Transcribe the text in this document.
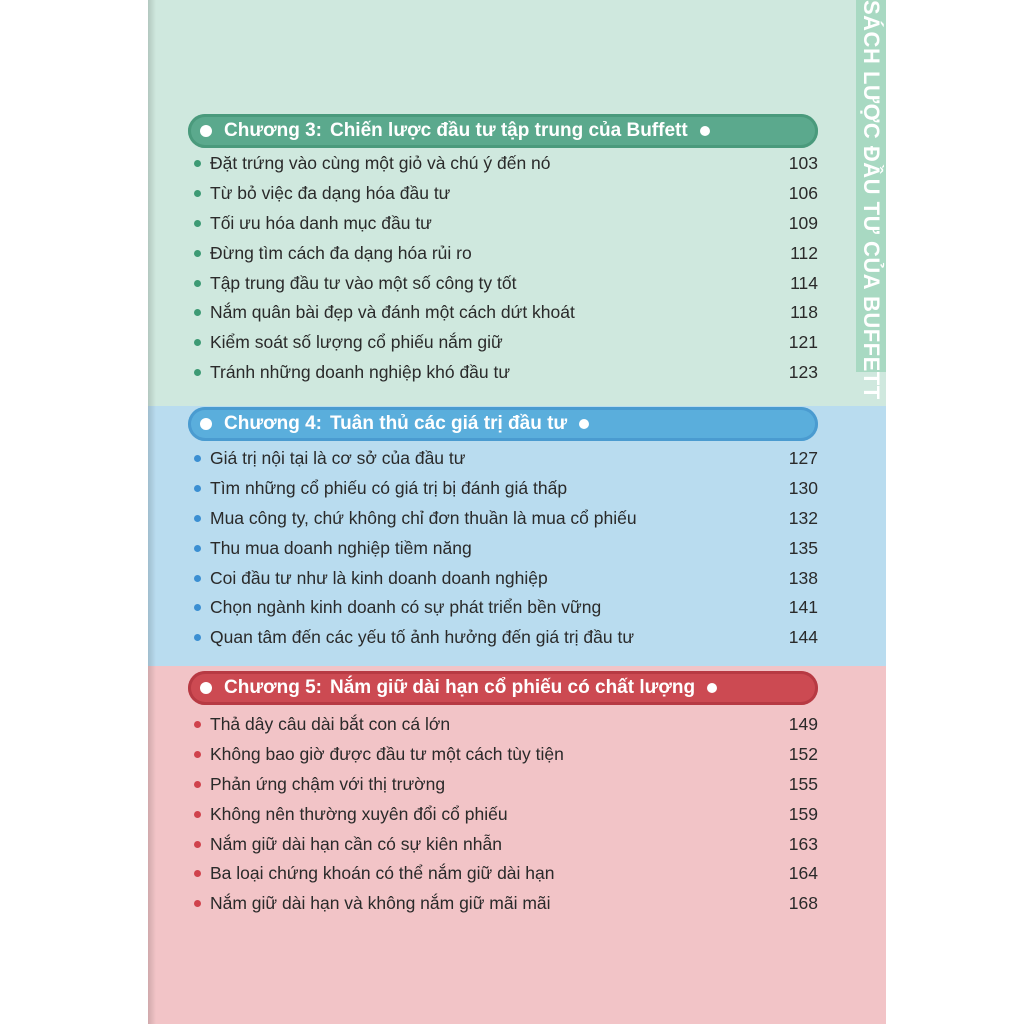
SÁCH LƯỢC ĐẦU TƯ CỦA BUFFETT
Chương 3: Chiến lược đầu tư tập trung của Buffett
Đặt trứng vào cùng một giỏ và chú ý đến nó	103
Từ bỏ việc đa dạng hóa đầu tư	106
Tối ưu hóa danh mục đầu tư	109
Đừng tìm cách đa dạng hóa rủi ro	112
Tập trung đầu tư vào một số công ty tốt	114
Nắm quân bài đẹp và đánh một cách dứt khoát	118
Kiểm soát số lượng cổ phiếu nắm giữ	121
Tránh những doanh nghiệp khó đầu tư	123
Chương 4: Tuân thủ các giá trị đầu tư
Giá trị nội tại là cơ sở của đầu tư	127
Tìm những cổ phiếu có giá trị bị đánh giá thấp	130
Mua công ty, chứ không chỉ đơn thuần là mua cổ phiếu	132
Thu mua doanh nghiệp tiềm năng	135
Coi đầu tư như là kinh doanh doanh nghiệp	138
Chọn ngành kinh doanh có sự phát triển bền vững	141
Quan tâm đến các yếu tố ảnh hưởng đến giá trị đầu tư	144
Chương 5: Nắm giữ dài hạn cổ phiếu có chất lượng
Thả dây câu dài bắt con cá lớn	149
Không bao giờ được đầu tư một cách tùy tiện	152
Phản ứng chậm với thị trường	155
Không nên thường xuyên đổi cổ phiếu	159
Nắm giữ dài hạn cần có sự kiên nhẫn	163
Ba loại chứng khoán có thể nắm giữ dài hạn	164
Nắm giữ dài hạn và không nắm giữ mãi mãi	168
